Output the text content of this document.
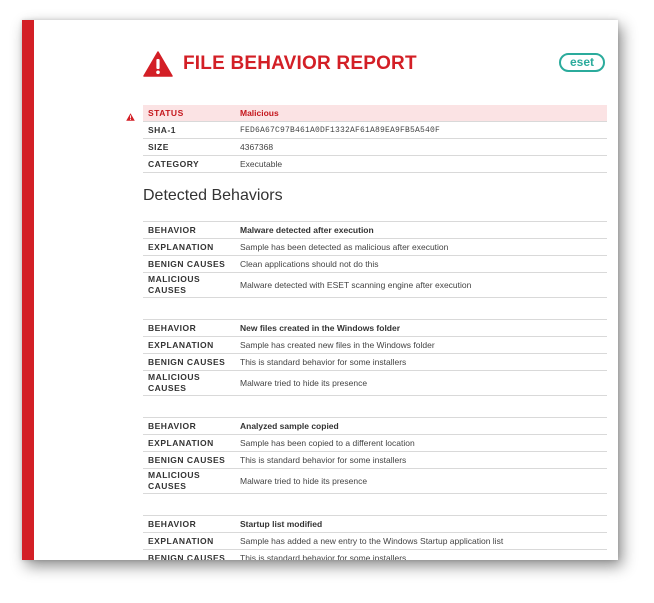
FILE BEHAVIOR REPORT	eset
STATUS	Malicious
SHA-1	FED6A67C97B461A0DF1332AF61A89EA9FB5A540F
SIZE	4367368
CATEGORY	Executable
Detected Behaviors
BEHAVIOR	Malware detected after execution
EXPLANATION	Sample has been detected as malicious after execution
BENIGN CAUSES	Clean applications should not do this
MALICIOUS
CAUSES	Malware detected with ESET scanning engine after execution
BEHAVIOR	New files created in the Windows folder
EXPLANATION	Sample has created new files in the Windows folder
BENIGN CAUSES	This is standard behavior for some installers
MALICIOUS
CAUSES	Malware tried to hide its presence
BEHAVIOR	Analyzed sample copied
EXPLANATION	Sample has been copied to a different location
BENIGN CAUSES	This is standard behavior for some installers
MALICIOUS
CAUSES	Malware tried to hide its presence
BEHAVIOR	Startup list modified
EXPLANATION	Sample has added a new entry to the Windows Startup application list
BENIGN CAUSES	This is standard behavior for some installers
